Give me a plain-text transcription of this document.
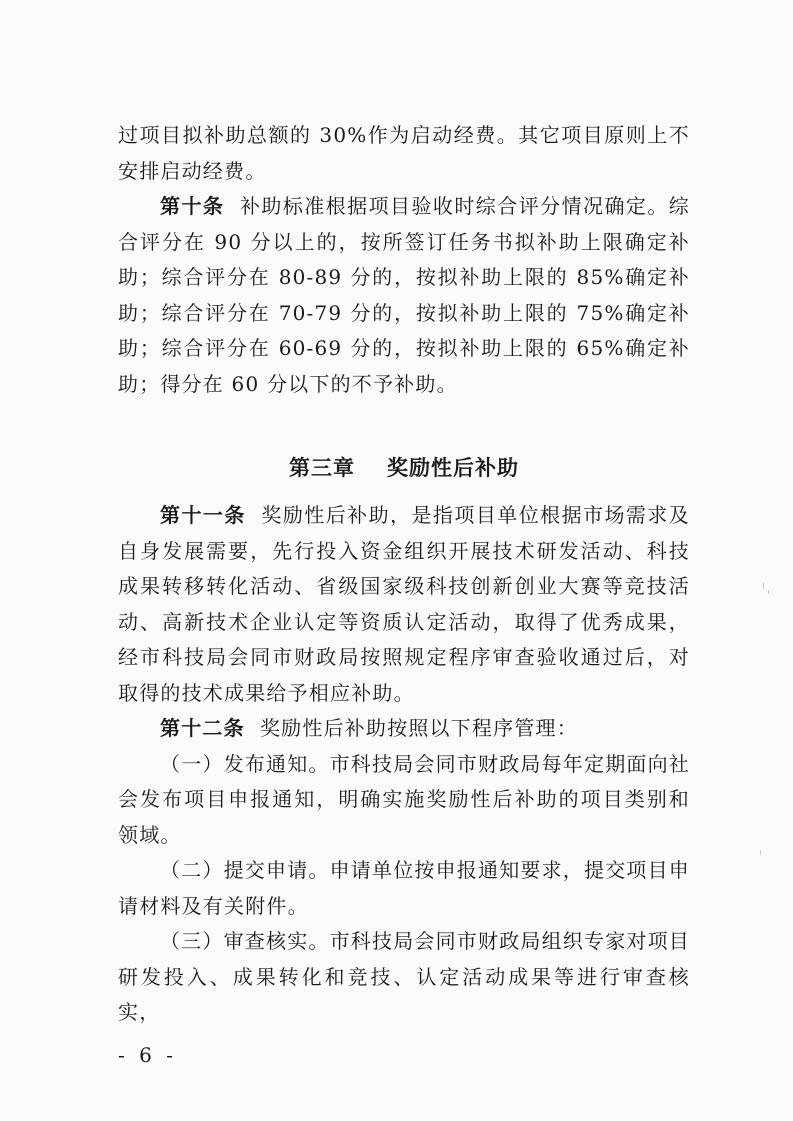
过项目拟补助总额的 30%作为启动经费。其它项目原则上不安排启动经费。

第十条 补助标准根据项目验收时综合评分情况确定。综合评分在 90 分以上的，按所签订任务书拟补助上限确定补助；综合评分在 80-89 分的，按拟补助上限的 85%确定补助；综合评分在 70-79 分的，按拟补助上限的 75%确定补助；综合评分在 60-69 分的，按拟补助上限的 65%确定补助；得分在 60 分以下的不予补助。

第三章 奖励性后补助

第十一条 奖励性后补助，是指项目单位根据市场需求及自身发展需要，先行投入资金组织开展技术研发活动、科技成果转移转化活动、省级国家级科技创新创业大赛等竞技活动、高新技术企业认定等资质认定活动，取得了优秀成果，经市科技局会同市财政局按照规定程序审查验收通过后，对取得的技术成果给予相应补助。

第十二条 奖励性后补助按照以下程序管理：

（一）发布通知。市科技局会同市财政局每年定期面向社会发布项目申报通知，明确实施奖励性后补助的项目类别和领域。

（二）提交申请。申请单位按申报通知要求，提交项目申请材料及有关附件。

（三）审查核实。市科技局会同市财政局组织专家对项目研发投入、成果转化和竞技、认定活动成果等进行审查核实，

- 6 -
